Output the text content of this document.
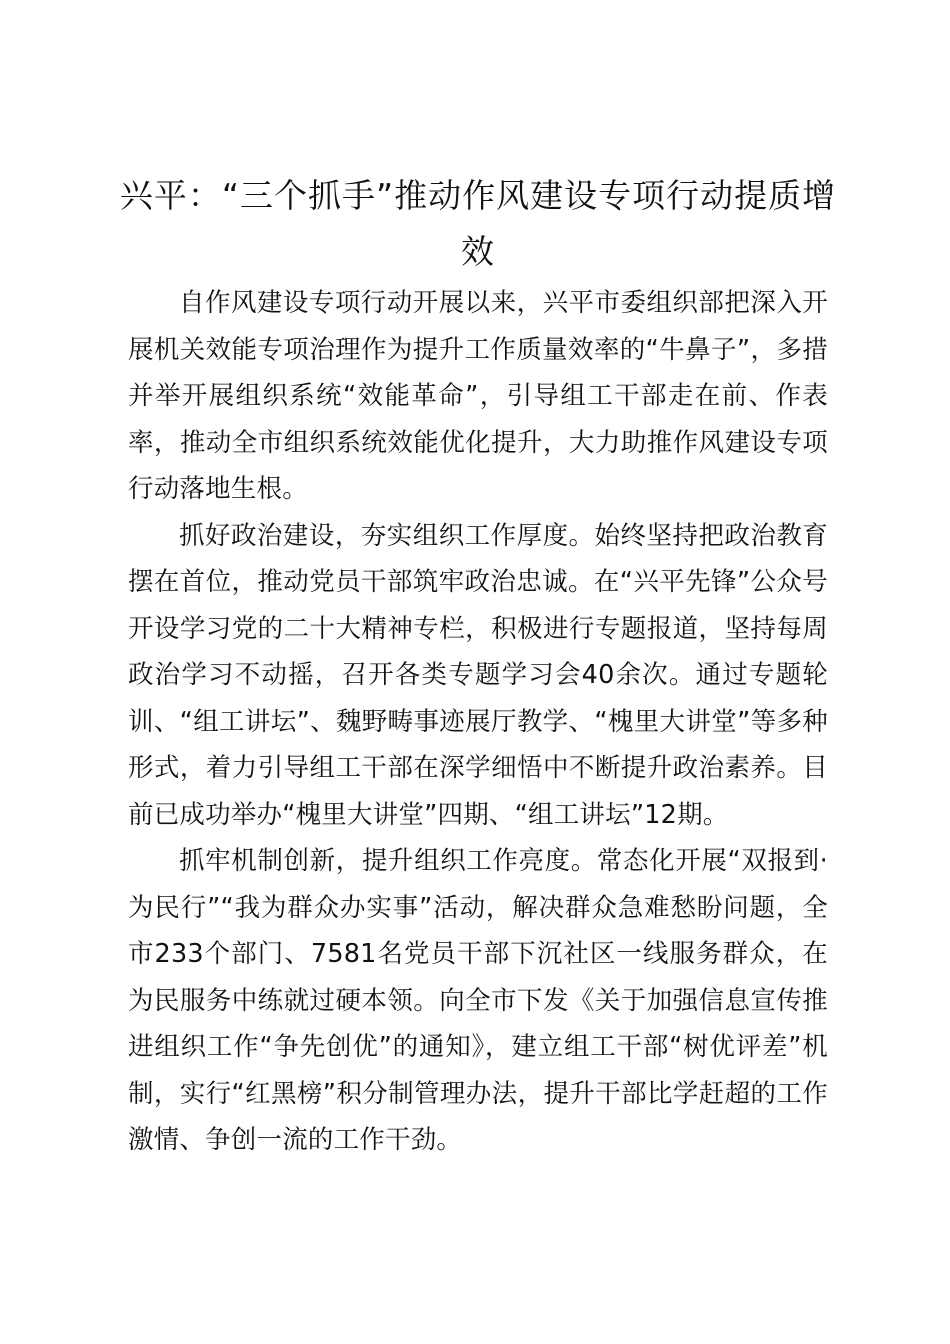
兴平：“三个抓手”推动作风建设专项行动提质增效

自作风建设专项行动开展以来，兴平市委组织部把深入开展机关效能专项治理作为提升工作质量效率的“牛鼻子”，多措并举开展组织系统“效能革命”，引导组工干部走在前、作表率，推动全市组织系统效能优化提升，大力助推作风建设专项行动落地生根。

抓好政治建设，夯实组织工作厚度。始终坚持把政治教育摆在首位，推动党员干部筑牢政治忠诚。在“兴平先锋”公众号开设学习党的二十大精神专栏，积极进行专题报道，坚持每周政治学习不动摇，召开各类专题学习会40余次。通过专题轮训、“组工讲坛”、魏野畴事迹展厅教学、“槐里大讲堂”等多种形式，着力引导组工干部在深学细悟中不断提升政治素养。目前已成功举办“槐里大讲堂”四期、“组工讲坛”12期。

抓牢机制创新，提升组织工作亮度。常态化开展“双报到·为民行”“我为群众办实事”活动，解决群众急难愁盼问题，全市233个部门、7581名党员干部下沉社区一线服务群众，在为民服务中练就过硬本领。向全市下发《关于加强信息宣传推进组织工作“争先创优”的通知》，建立组工干部“树优评差”机制，实行“红黑榜”积分制管理办法，提升干部比学赶超的工作激情、争创一流的工作干劲。
